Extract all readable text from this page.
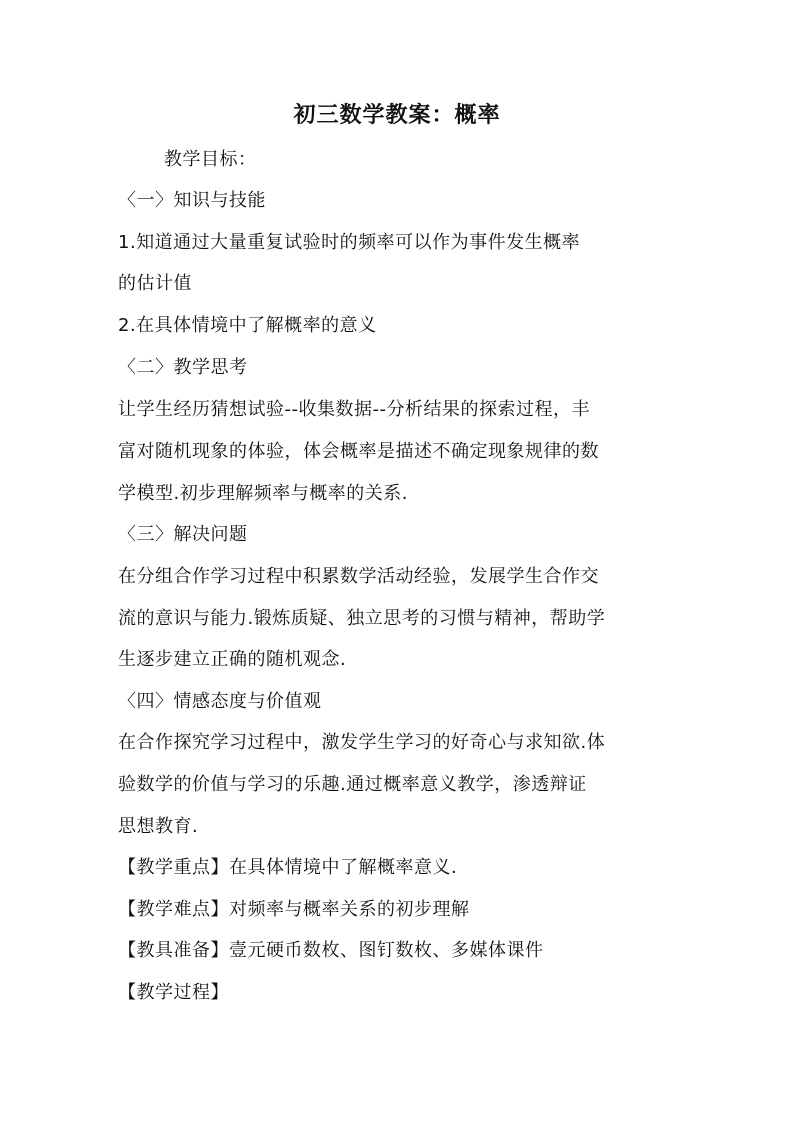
初三数学教案：概率
教学目标：
〈一〉知识与技能
1.知道通过大量重复试验时的频率可以作为事件发生概率
的估计值
2.在具体情境中了解概率的意义
〈二〉教学思考
让学生经历猜想试验--收集数据--分析结果的探索过程，丰
富对随机现象的体验，体会概率是描述不确定现象规律的数
学模型.初步理解频率与概率的关系.
〈三〉解决问题
在分组合作学习过程中积累数学活动经验，发展学生合作交
流的意识与能力.锻炼质疑、独立思考的习惯与精神，帮助学
生逐步建立正确的随机观念.
〈四〉情感态度与价值观
在合作探究学习过程中，激发学生学习的好奇心与求知欲.体
验数学的价值与学习的乐趣.通过概率意义教学，渗透辩证
思想教育.
【教学重点】在具体情境中了解概率意义.
【教学难点】对频率与概率关系的初步理解
【教具准备】壹元硬币数枚、图钉数枚、多媒体课件
【教学过程】
